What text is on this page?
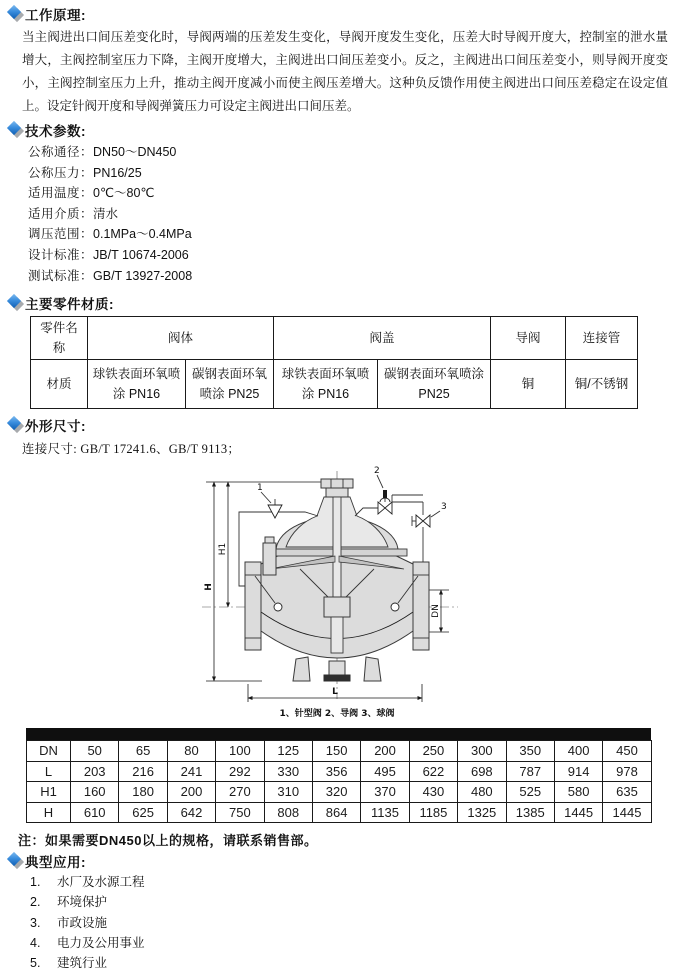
工作原理:

当主阀进出口间压差变化时，导阀两端的压差发生变化，导阀开度发生变化，压差大时导阀开度大，控制室的泄水量增大，主阀控制室压力下降，主阀开度增大，主阀进出口间压差变小。反之，主阀进出口间压差变小，则导阀开度变小，主阀控制室压力上升，推动主阀开度减小而使主阀压差增大。这种负反馈作用使主阀进出口间压差稳定在设定值上。设定针阀开度和导阀弹簧压力可设定主阀进出口间压差。

技术参数:
公称通径：DN50～DN450
公称压力：PN16/25
适用温度：0℃～80℃
适用介质：清水
调压范围：0.1MPa～0.4MPa
设计标准：JB/T 10674-2006
测试标准：GB/T 13927-2008
主要零件材质:
零件名称	阀体		阀盖		导阀	连接管
材质	球铁表面环氧喷涂 PN16	碳钢表面环氧喷涂 PN25	球铁表面环氧喷涂 PN16	碳钢表面环氧喷涂 PN25	铜	铜/不锈钢
外形尺寸:
连接尺寸: GB/T 17241.6、GB/T 9113；
H
H1
L
DN
1
2
3
1、针型阀 2、导阀 3、球阀
DN	50	65	80	100	125	150	200	250	300	350	400	450
L	203	216	241	292	330	356	495	622	698	787	914	978
H1	160	180	200	270	310	320	370	430	480	525	580	635
H	610	625	642	750	808	864	1135	1185	1325	1385	1445	1445

注：如果需要DN450以上的规格，请联系销售部。

典型应用:
1. 水厂及水源工程
2. 环境保护
3. 市政设施
4. 电力及公用事业
5. 建筑行业
